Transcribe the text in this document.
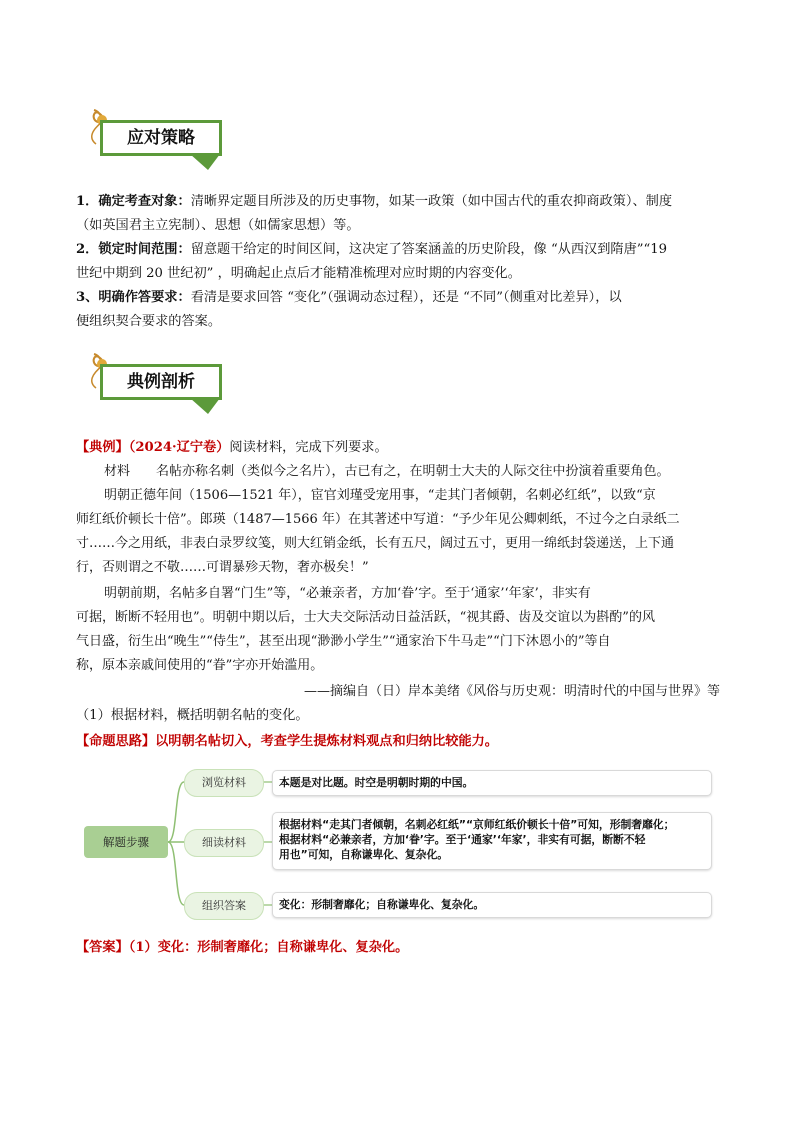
应对策略
1．确定考查对象：清晰界定题目所涉及的历史事物，如某一政策（如中国古代的重农抑商政策）、制度
（如英国君主立宪制）、思想（如儒家思想）等。
2．锁定时间范围：留意题干给定的时间区间，这决定了答案涵盖的历史阶段，像 “从西汉到隋唐”“19
世纪中期到 20 世纪初” ，明确起止点后才能精准梳理对应时期的内容变化。
3、明确作答要求：看清是要求回答 “变化”（强调动态过程），还是 “不同”（侧重对比差异），以
便组织契合要求的答案。
典例剖析
【典例】（2024·辽宁卷）阅读材料，完成下列要求。
材料　　名帖亦称名刺（类似今之名片），古已有之，在明朝士大夫的人际交往中扮演着重要角色。
明朝正德年间（1506—1521 年），宦官刘瑾受宠用事，“走其门者倾朝，名刺必红纸”，以致“京
师红纸价顿长十倍”。郎瑛（1487—1566 年）在其著述中写道：“予少年见公卿刺纸，不过今之白录纸二
寸……今之用纸，非表白录罗纹笺，则大红销金纸，长有五尺，阔过五寸，更用一绵纸封袋递送，上下通
行，否则谓之不敬……可谓暴殄天物，奢亦极矣！”
明朝前期，名帖多自署“门生”等，“必兼亲者，方加‘眷’字。至于‘通家’‘年家’，非实有
可据，断断不轻用也”。明朝中期以后，士大夫交际活动日益活跃，“视其爵、齿及交谊以为斟酌”的风
气日盛，衍生出“晚生”“侍生”，甚至出现“渺渺小学生”“通家治下牛马走”“门下沐恩小的”等自
称，原本亲戚间使用的“眷”字亦开始滥用。
——摘编自（日）岸本美绪《风俗与历史观：明清时代的中国与世界》等
（1）根据材料，概括明朝名帖的变化。
【命题思路】以明朝名帖切入，考查学生提炼材料观点和归纳比较能力。
解题步骤
浏览材料	本题是对比题。时空是明朝时期的中国。
细读材料
根据材料“走其门者倾朝，名刺必红纸”“京师红纸价顿长十倍”可知，形制奢靡化；
根据材料“必兼亲者，方加‘眷’字。至于‘通家’‘年家’，非实有可据，断断不轻
用也”可知，自称谦卑化、复杂化。
组织答案	变化：形制奢靡化；自称谦卑化、复杂化。
【答案】（1）变化：形制奢靡化；自称谦卑化、复杂化。
